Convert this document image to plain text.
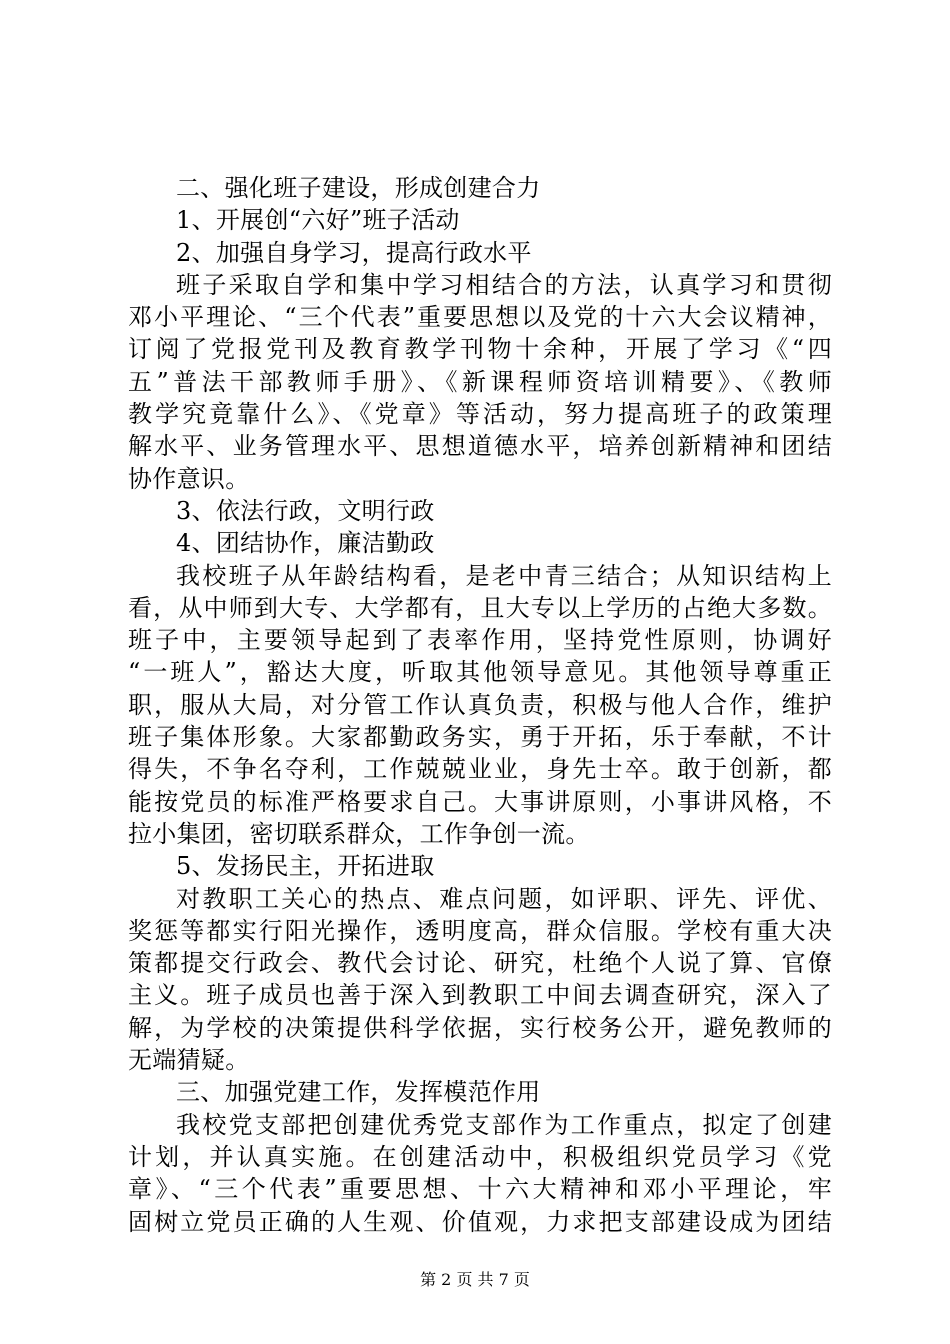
二、强化班子建设，形成创建合力
1、开展创“六好”班子活动
2、加强自身学习，提高行政水平
班子采取自学和集中学习相结合的方法，认真学习和贯彻
邓小平理论、“三个代表”重要思想以及党的十六大会议精神，
订阅了党报党刊及教育教学刊物十余种，开展了学习《“四
五”普法干部教师手册》、《新课程师资培训精要》、《教师
教学究竟靠什么》、《党章》等活动，努力提高班子的政策理
解水平、业务管理水平、思想道德水平，培养创新精神和团结
协作意识。
3、依法行政，文明行政
4、团结协作，廉洁勤政
我校班子从年龄结构看，是老中青三结合；从知识结构上
看，从中师到大专、大学都有，且大专以上学历的占绝大多数。
班子中，主要领导起到了表率作用，坚持党性原则，协调好
“一班人”，豁达大度，听取其他领导意见。其他领导尊重正
职，服从大局，对分管工作认真负责，积极与他人合作，维护
班子集体形象。大家都勤政务实，勇于开拓，乐于奉献，不计
得失，不争名夺利，工作兢兢业业，身先士卒。敢于创新，都
能按党员的标准严格要求自己。大事讲原则，小事讲风格，不
拉小集团，密切联系群众，工作争创一流。
5、发扬民主，开拓进取
对教职工关心的热点、难点问题，如评职、评先、评优、
奖惩等都实行阳光操作，透明度高，群众信服。学校有重大决
策都提交行政会、教代会讨论、研究，杜绝个人说了算、官僚
主义。班子成员也善于深入到教职工中间去调查研究，深入了
解，为学校的决策提供科学依据，实行校务公开，避免教师的
无端猜疑。
三、加强党建工作，发挥模范作用
我校党支部把创建优秀党支部作为工作重点，拟定了创建
计划，并认真实施。在创建活动中，积极组织党员学习《党
章》、“三个代表”重要思想、十六大精神和邓小平理论，牢
固树立党员正确的人生观、价值观，力求把支部建设成为团结
第 2 页 共 7 页
